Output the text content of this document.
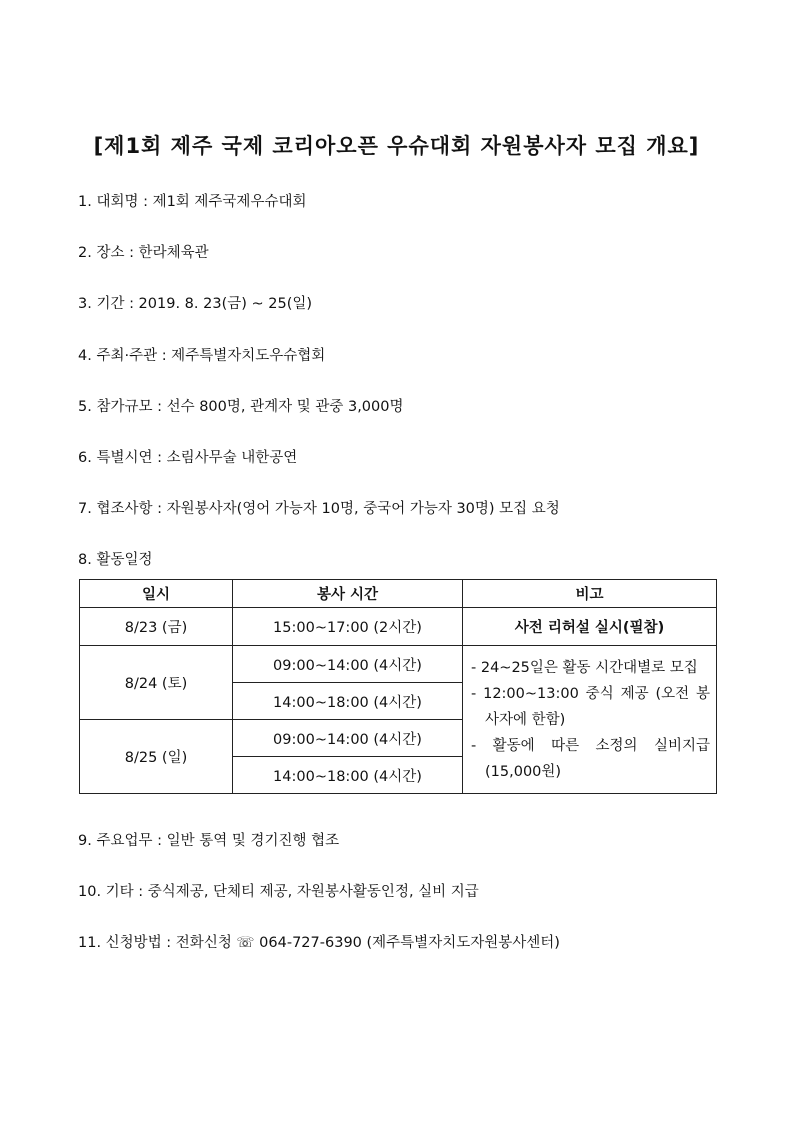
[제1회 제주 국제 코리아오픈 우슈대회 자원봉사자 모집 개요]
1. 대회명 : 제1회 제주국제우슈대회
2. 장소 : 한라체육관
3. 기간 : 2019. 8. 23(금) ~ 25(일)
4. 주최·주관 : 제주특별자치도우슈협회
5. 참가규모 : 선수 800명, 관계자 및 관중 3,000명
6. 특별시연 : 소림사무술 내한공연
7. 협조사항 : 자원봉사자(영어 가능자 10명, 중국어 가능자 30명) 모집 요청
8. 활동일정
일시	봉사 시간	비고
8/23 (금)	15:00~17:00 (2시간)	사전 리허설 실시(필참)
8/24 (토)	09:00~14:00 (4시간)	- 24~25일은 활동 시간대별로 모집
- 12:00~13:00 중식 제공 (오전 봉사자에 한함)
- 활동에 따른 소정의 실비지급 (15,000원)

	14:00~18:00 (4시간)	
8/25 (일)	09:00~14:00 (4시간)	
	14:00~18:00 (4시간)	
9. 주요업무 : 일반 통역 및 경기진행 협조
10. 기타 : 중식제공, 단체티 제공, 자원봉사활동인정, 실비 지급
11. 신청방법 : 전화신청 ☏ 064-727-6390 (제주특별자치도자원봉사센터)
